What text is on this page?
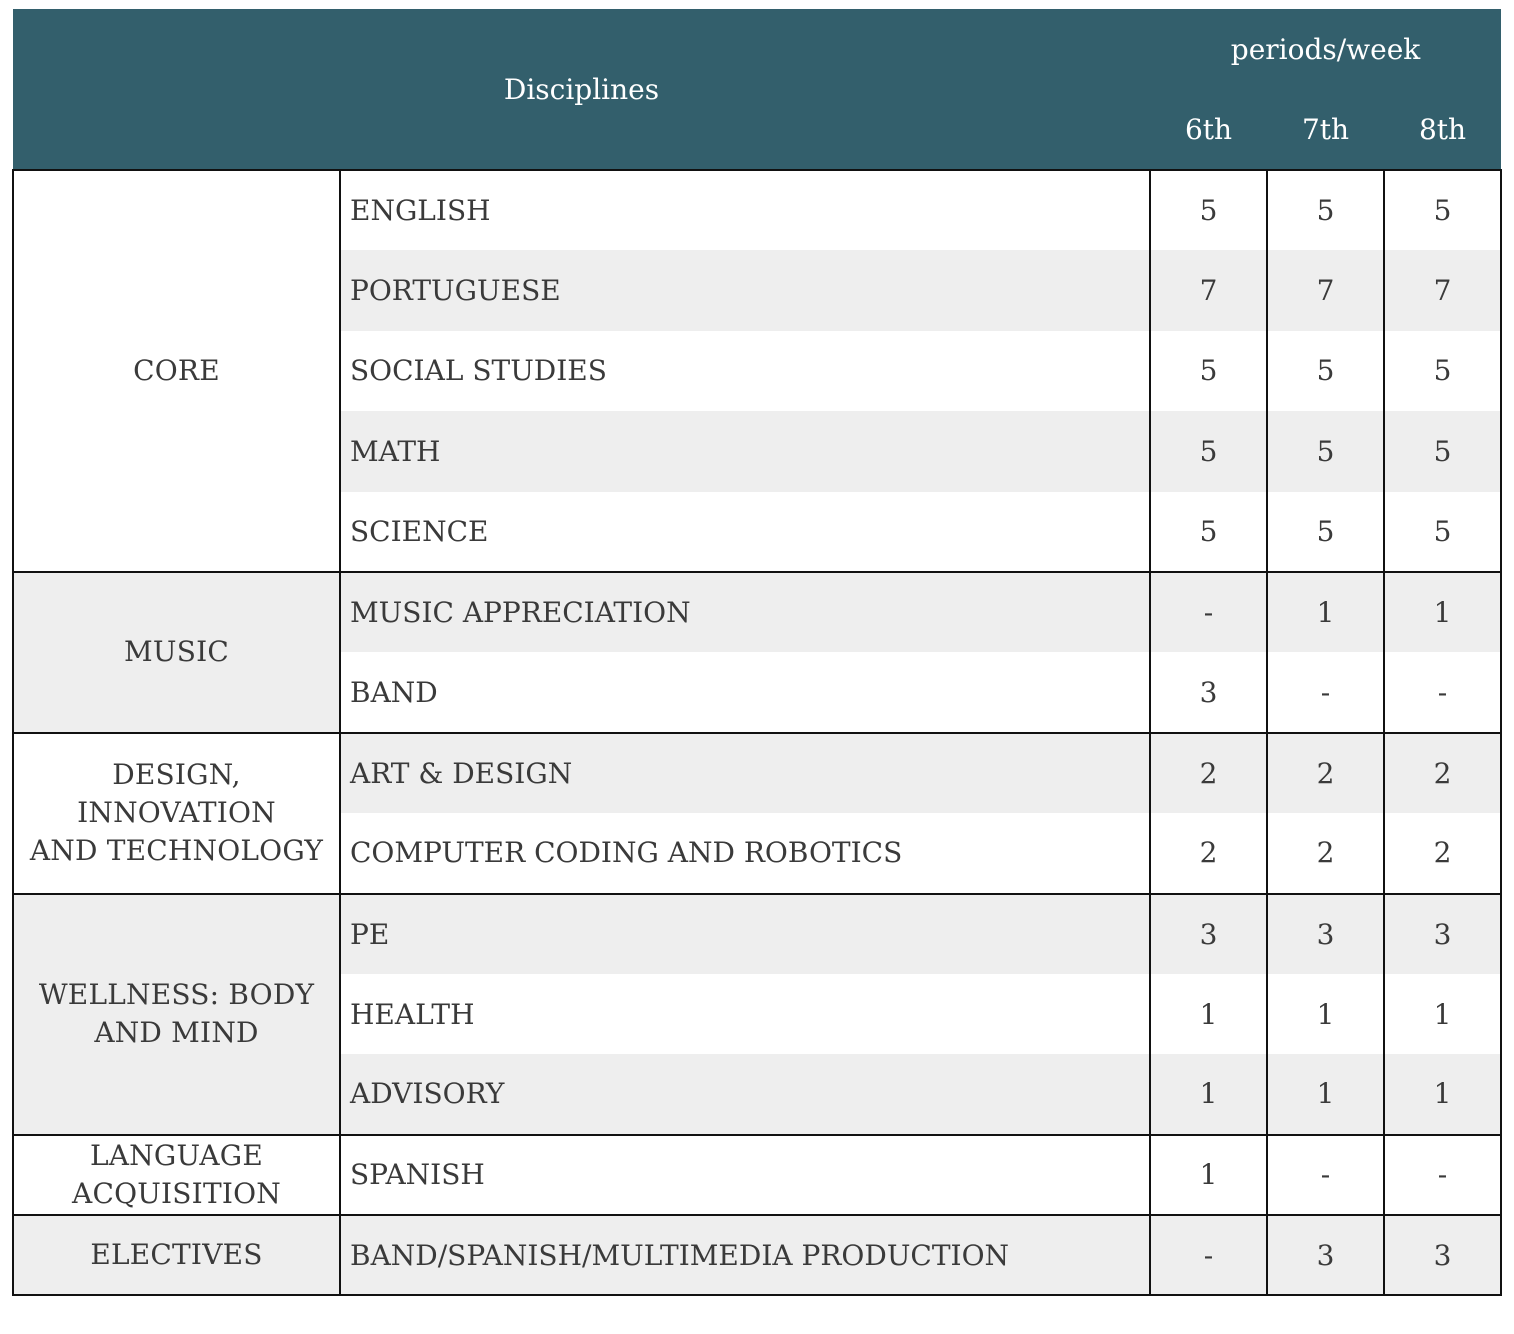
Disciplines		periods/week		
		6th	7th	8th
CORE	ENGLISH	5	5	5
	PORTUGUESE	7	7	7
	SOCIAL STUDIES	5	5	5
	MATH	5	5	5
	SCIENCE	5	5	5
MUSIC	MUSIC APPRECIATION	-	1	1
	BAND	3	-	-
DESIGN,
INNOVATION
AND TECHNOLOGY	ART & DESIGN	2	2	2
	COMPUTER CODING AND ROBOTICS	2	2	2
WELLNESS: BODY
AND MIND	PE	3	3	3
	HEALTH	1	1	1
	ADVISORY	1	1	1
LANGUAGE
ACQUISITION	SPANISH	1	-	-
ELECTIVES	BAND/SPANISH/MULTIMEDIA PRODUCTION	-	3	3
